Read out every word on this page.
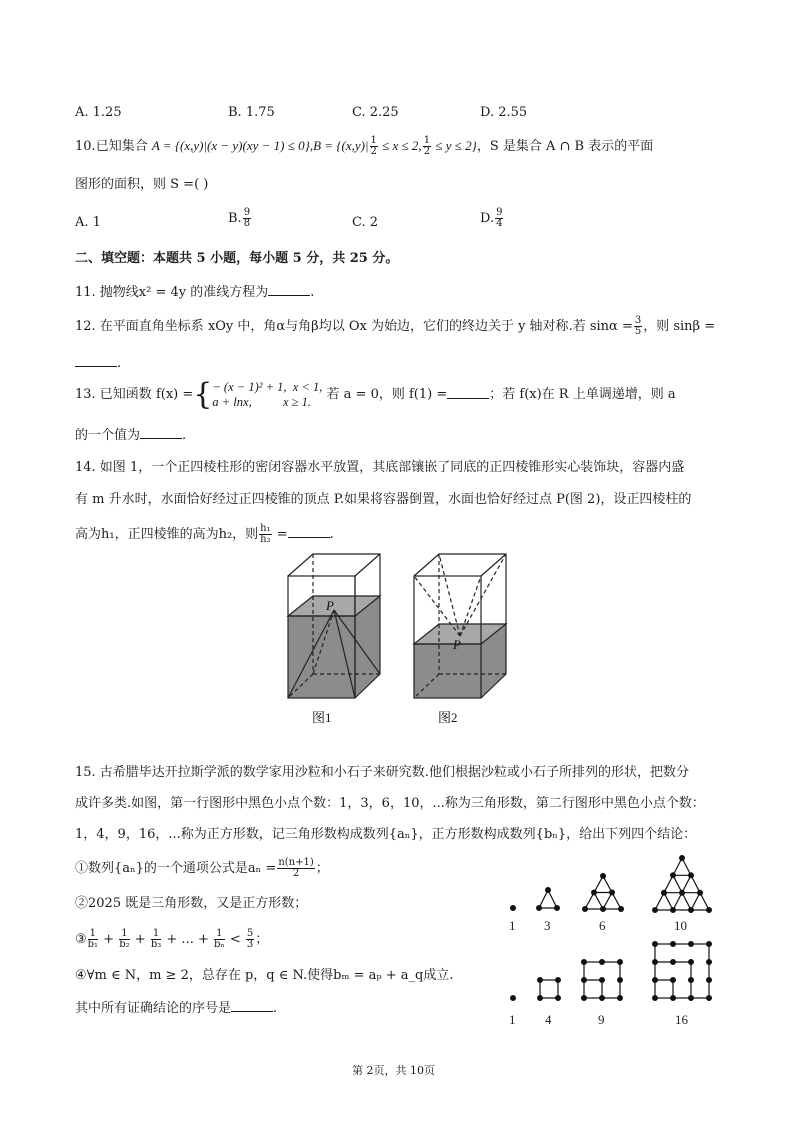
A. 1.25	B. 1.75	C. 2.25	D. 2.55
10.已知集合 $A = \{(x,y)|(x - y)(xy - 1) \le 0\},B = \{(x,y)| \frac{1}{2} \le x \le 2$, $\frac{1}{2} \le y \le 2$}，S 是集合 A ∩ B 表示的平面
图形的面积，则 S =( )
A. 1	B. $\frac{9}{8}$	C. 2	D. $\frac{9}{4}$
二、填空题：本题共 5 小题，每小题 5 分，共 25 分。
11. 抛物线x² = 4y 的准线方程为	.
12. 在平面直角坐标系 xOy 中，角α与角β均以 Ox 为始边，它们的终边关于 y 轴对称.若 $\sin\alpha = \frac{3}{5}$ ，则 sinβ =
.
13. 已知函数 f(x) ={ − (x − 1)² + 1, x < 1,
a + lnx,	x ≥ 1.	若 a = 0，则 f(1) =	；若 f(x)在 R 上单调递增，则 a
的一个值为	.
14. 如图 1，一个正四棱柱形的密闭容器水平放置，其底部镶嵌了同底的正四棱锥形实心装饰块，容器内盛
有 m 升水时，水面恰好经过正四棱锥的顶点 P.如果将容器倒置，水面也恰好经过点 P(图 2)，设正四棱柱的
高为h₁，正四棱锥的高为h₂，则 $\frac{\text{h₁}}{\text{h₂}}$ =	.
P
图1
P
图2
15. 古希腊毕达开拉斯学派的数学家用沙粒和小石子来研究数.他们根据沙粒或小石子所排列的形状，把数分
成许多类.如图，第一行图形中黑色小点个数：1，3，6，10，...称为三角形数，第二行图形中黑色小点个数：
1，4，9，16，...称为正方形数，记三角形数构成数列{aₙ}，正方形数构成数列{bₙ}，给出下列四个结论：
①数列{aₙ}的一个通项公式是$a_n = \frac{n(n+1)}{2}$ ；
②2025 既是三角形数，又是正方形数；
③ $\frac{1}{\text{b₁}} + \frac{1}{\text{b₂}} + \frac{1}{\text{b₃}}$ + ... + $\frac{1}{\text{bₙ}} < \frac{5}{3}$ ；
④∀m ∈ N，m ≥ 2，总存在 p，q ∈ N.使得bₘ = aₚ + a_q成立.
其中所有证确结论的序号是	.
1 3	6	10
1 4	9	16
第 2页，共 10页
